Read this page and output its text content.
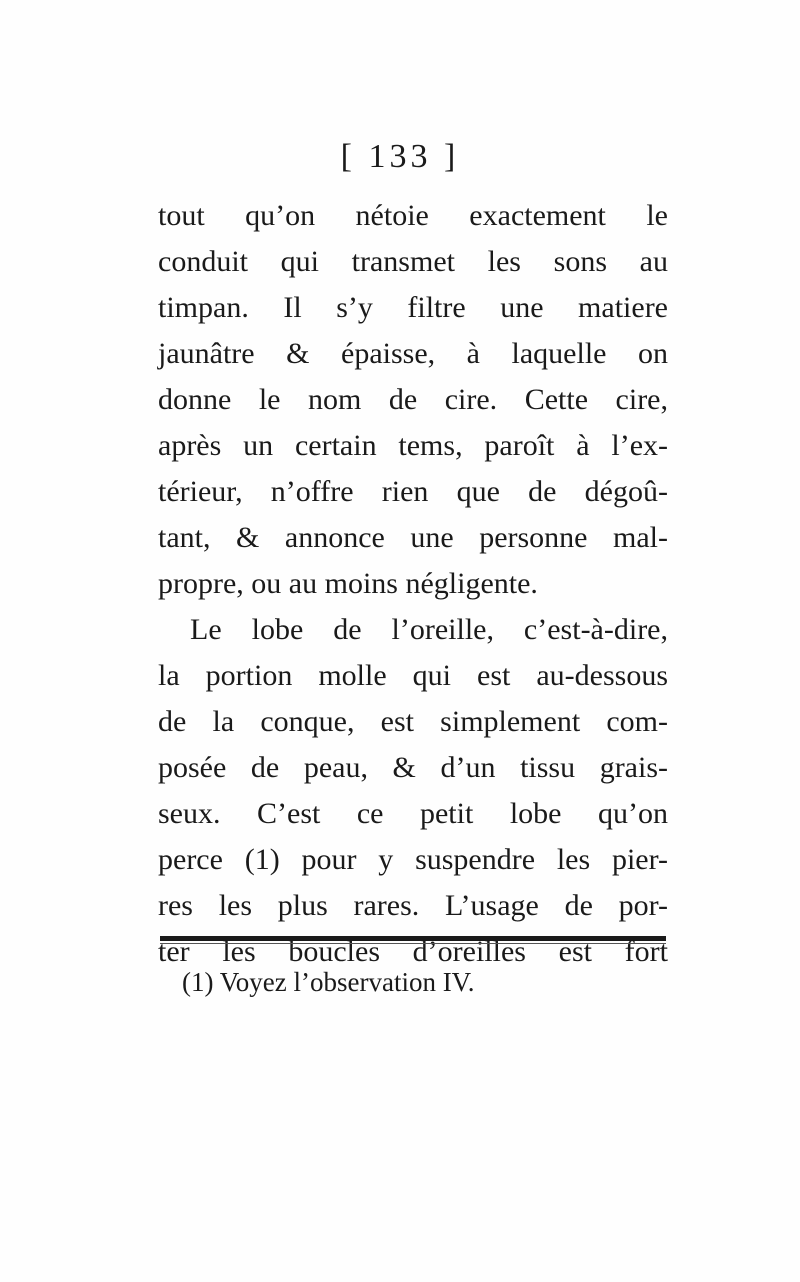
[ 133 ]
tout qu’on nétoie exactement le
conduit qui transmet les sons au
timpan. Il s’y filtre une matiere
jaunâtre & épaisse, à laquelle on
donne le nom de cire. Cette cire,
après un certain tems, paroît à l’ex-
térieur, n’offre rien que de dégoû-
tant, & annonce une personne mal-
propre, ou au moins négligente.
Le lobe de l’oreille, c’est-à-dire,
la portion molle qui est au-dessous
de la conque, est simplement com-
posée de peau, & d’un tissu grais-
seux. C’est ce petit lobe qu’on
perce (1) pour y suspendre les pier-
res les plus rares. L’usage de por-
ter les boucles d’oreilles est fort
(1) Voyez l’observation IV.
